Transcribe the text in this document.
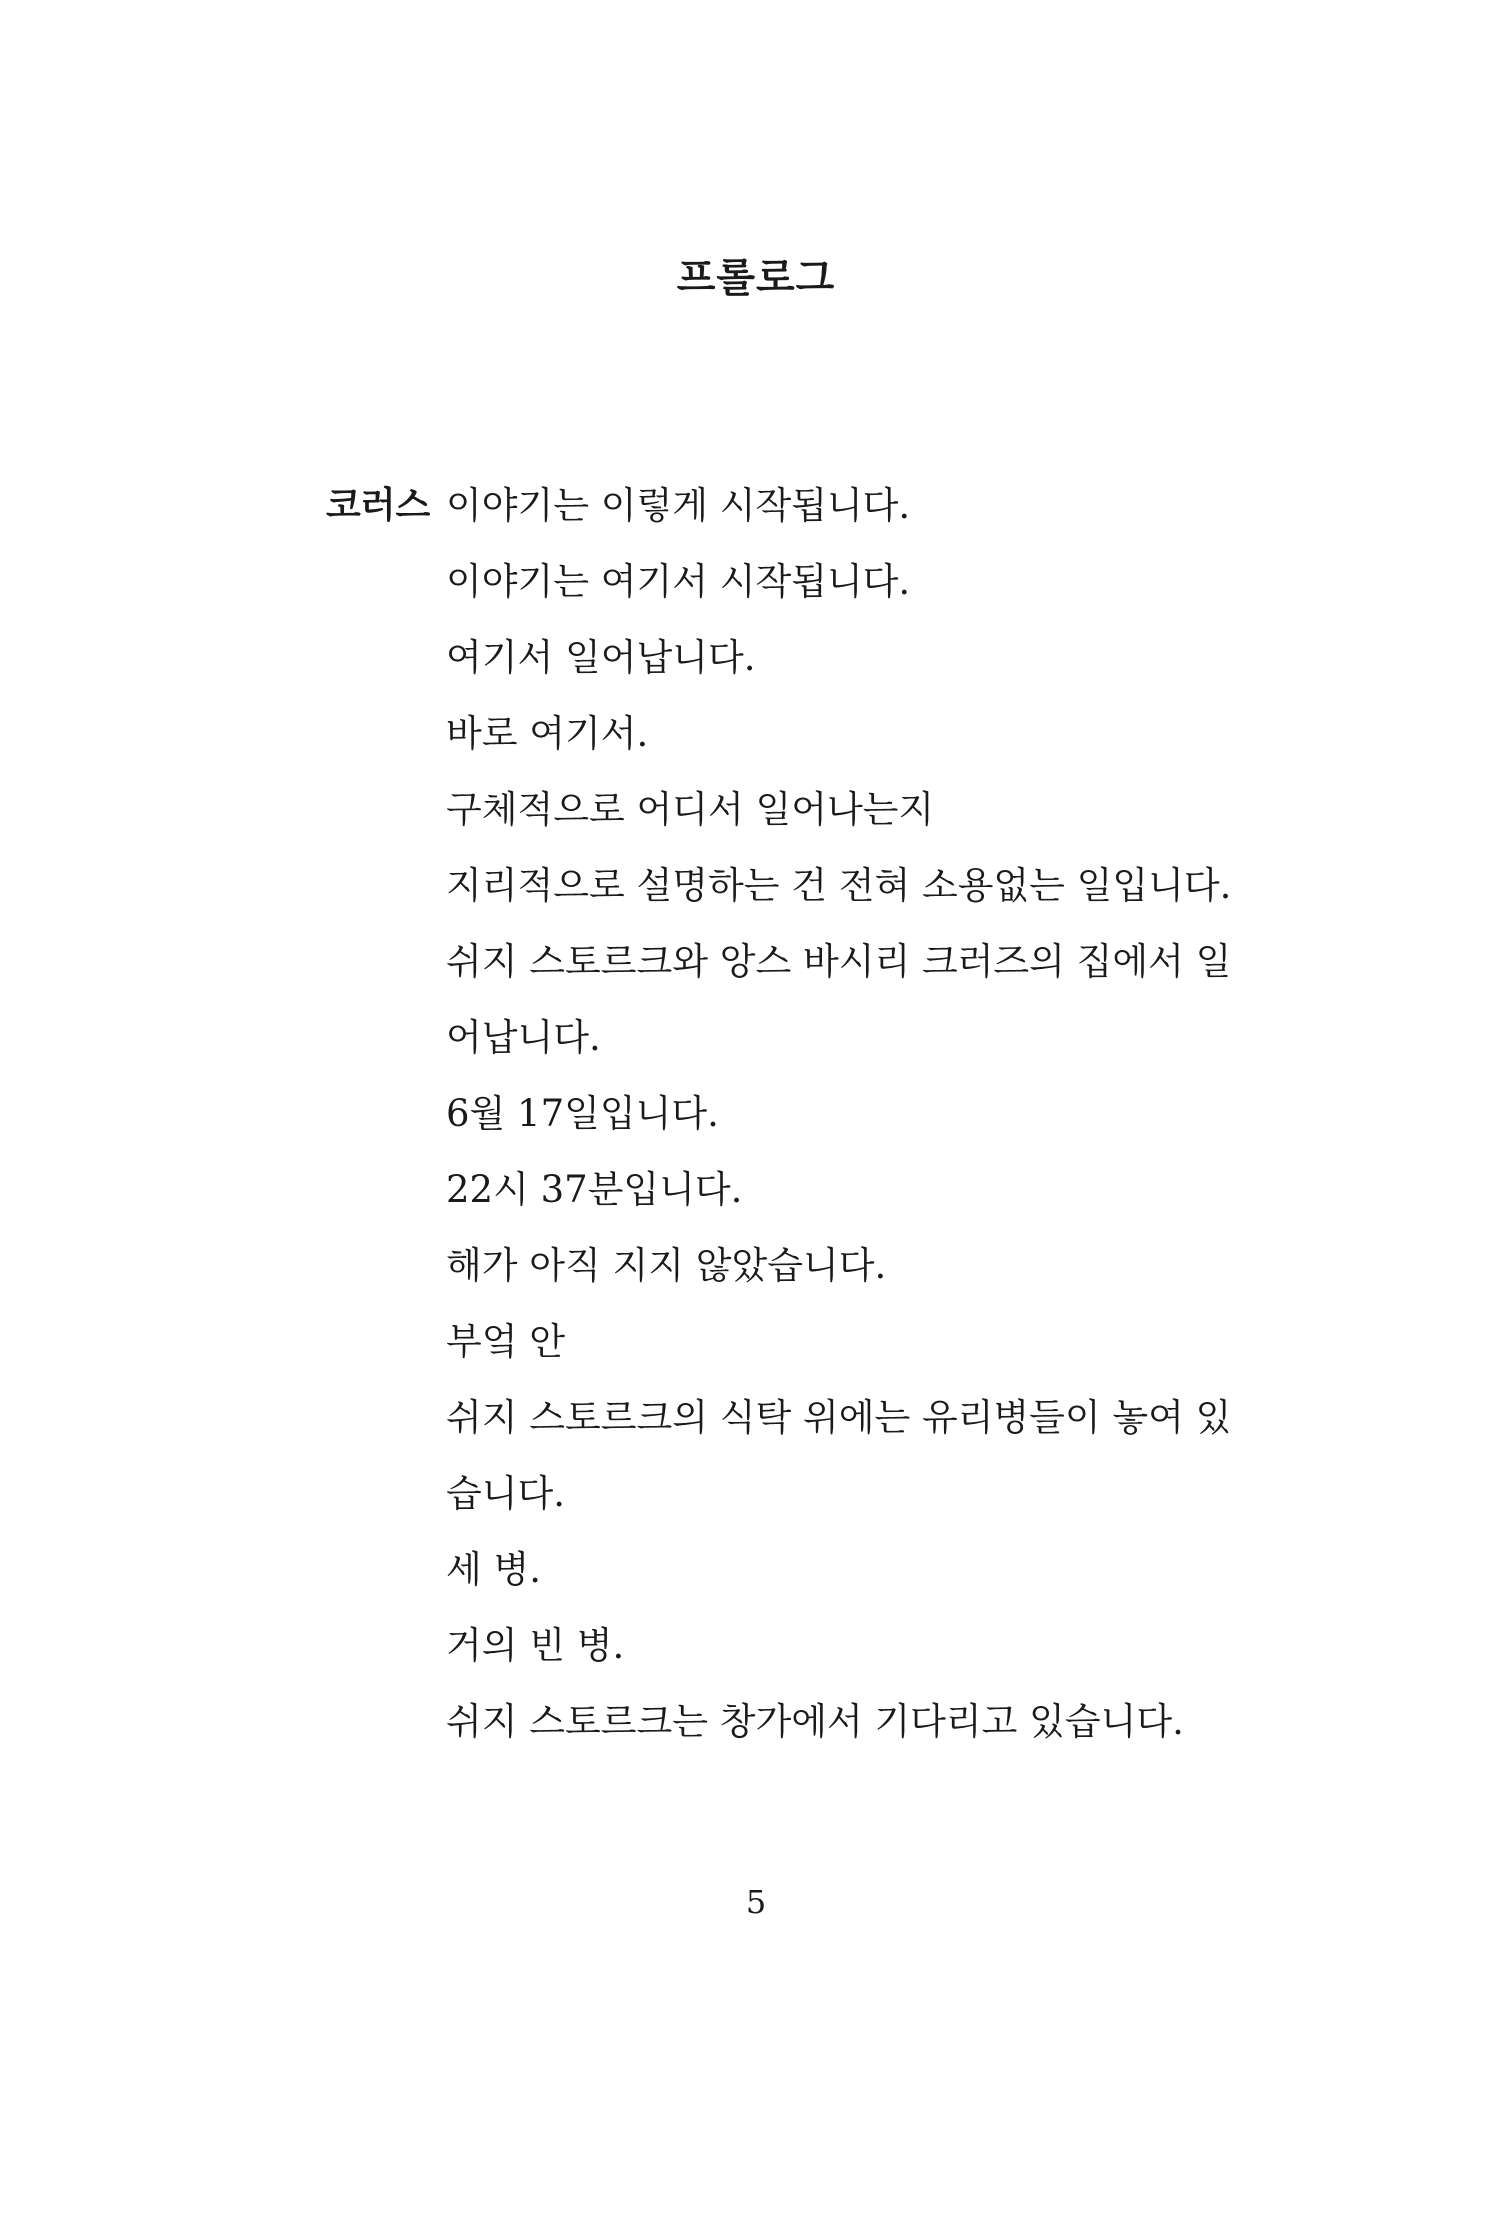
프롤로그
코러스 이야기는 이렇게 시작됩니다.
이야기는 여기서 시작됩니다.
여기서 일어납니다.
바로 여기서.
구체적으로 어디서 일어나는지
지리적으로 설명하는 건 전혀 소용없는 일입니다.
쉬지 스토르크와 앙스 바시리 크러즈의 집에서 일
어납니다.
6월 17일입니다.
22시 37분입니다.
해가 아직 지지 않았습니다.
부엌 안
쉬지 스토르크의 식탁 위에는 유리병들이 놓여 있
습니다.
세 병.
거의 빈 병.
쉬지 스토르크는 창가에서 기다리고 있습니다.
5
